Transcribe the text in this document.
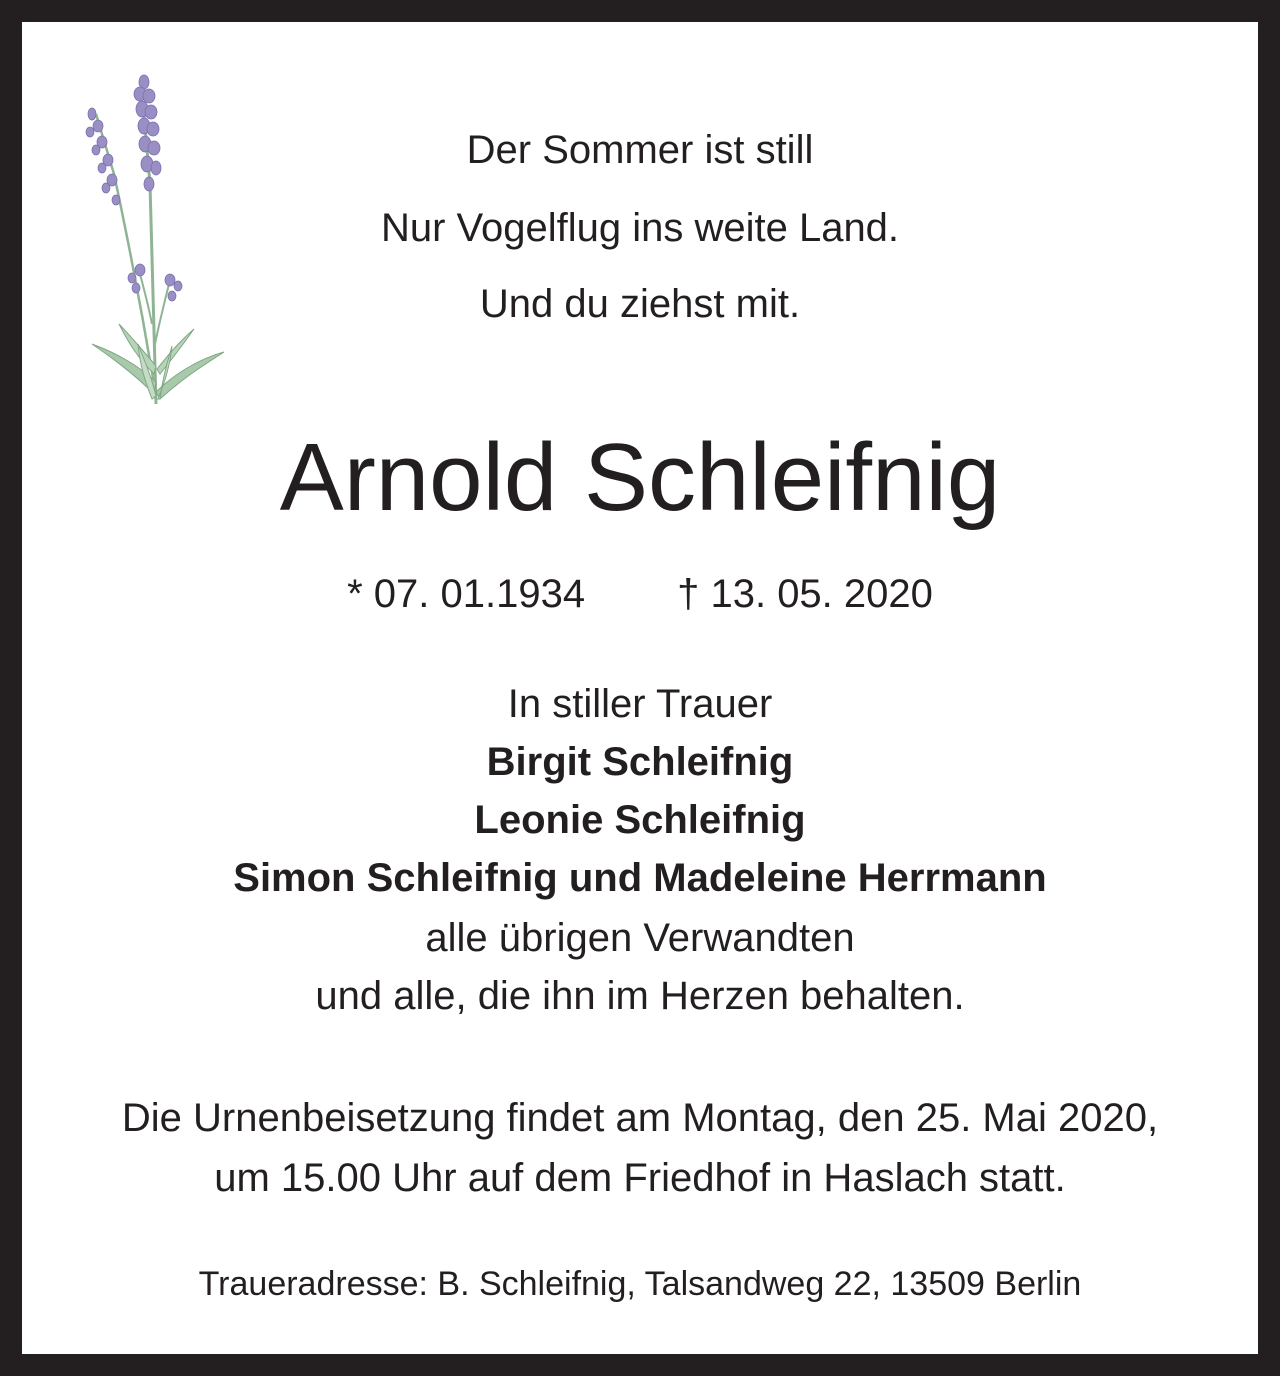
Der Sommer ist still
Nur Vogelflug ins weite Land.
Und du ziehst mit.
Arnold Schleifnig
* 07. 01.1934 † 13. 05. 2020
In stiller Trauer
Birgit Schleifnig
Leonie Schleifnig
Simon Schleifnig und Madeleine Herrmann
alle übrigen Verwandten
und alle, die ihn im Herzen behalten.
Die Urnenbeisetzung findet am Montag, den 25. Mai 2020,
um 15.00 Uhr auf dem Friedhof in Haslach statt.
Traueradresse: B. Schleifnig, Talsandweg 22, 13509 Berlin
